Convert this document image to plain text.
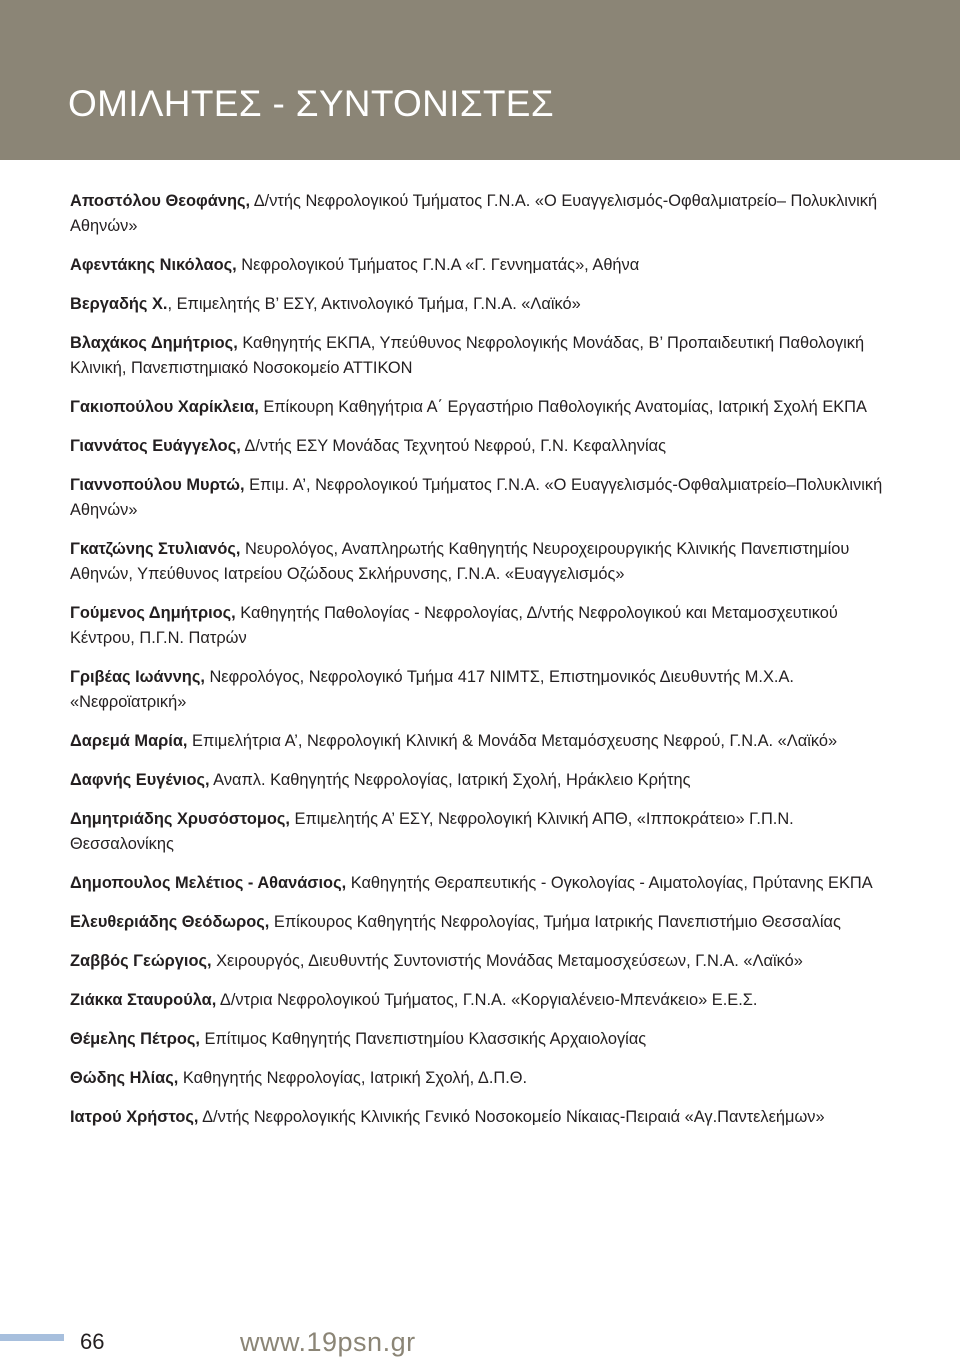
ΟΜΙΛΗΤΕΣ - ΣΥΝΤΟΝΙΣΤΕΣ

Αποστόλου Θεοφάνης, Δ/ντής Νεφρολογικού Τμήματος Γ.Ν.Α. «Ο Ευαγγελισμός-Οφθαλμιατρείο– Πολυκλινική Αθηνών»

Αφεντάκης Νικόλαος, Νεφρολογικού Τμήματος Γ.Ν.Α «Γ. Γεννηματάς», Αθήνα

Βεργαδής Χ., Επιμελητής Β’ ΕΣΥ, Ακτινολογικό Τμήμα, Γ.Ν.Α. «Λαϊκό»

Βλαχάκος Δημήτριος, Καθηγητής ΕΚΠΑ, Υπεύθυνος Νεφρολογικής Μονάδας, Β’ Προπαιδευτική Παθολογική Κλινική, Πανεπιστημιακό Νοσοκομείο ΑΤΤΙΚΟΝ

Γακιοπούλου Χαρίκλεια, Επίκουρη Καθηγήτρια Α΄ Εργαστήριο Παθολογικής Ανατομίας, Ιατρική Σχολή ΕΚΠΑ

Γιαννάτος Ευάγγελος, Δ/ντής ΕΣΥ Μονάδας Τεχνητού Νεφρού, Γ.Ν. Κεφαλληνίας

Γιαννοπούλου Μυρτώ, Επιμ. Α’, Νεφρολογικού Τμήματος Γ.Ν.Α. «Ο Ευαγγελισμός-Οφθαλμιατρείο–Πολυκλινική Αθηνών»

Γκατζώνης Στυλιανός, Νευρολόγος, Αναπληρωτής Καθηγητής Νευροχειρουργικής Κλινικής Πανεπιστημίου Αθηνών, Υπεύθυνος Ιατρείου Οζώδους Σκλήρυνσης, Γ.Ν.Α. «Ευαγγελισμός»

Γούμενος Δημήτριος, Καθηγητής Παθολογίας - Νεφρολογίας, Δ/ντής Νεφρολογικού και Μεταμοσχευτικού Κέντρου, Π.Γ.Ν. Πατρών

Γριβέας Ιωάννης, Νεφρολόγος, Νεφρολογικό Τμήμα 417 ΝΙΜΤΣ, Επιστημονικός Διευθυντής Μ.Χ.Α. «Νεφροϊατρική»

Δαρεμά Μαρία, Επιμελήτρια Α’, Νεφρολογική Κλινική & Μονάδα Μεταμόσχευσης Νεφρού, Γ.Ν.Α. «Λαϊκό»

Δαφνής Ευγένιος, Αναπλ. Καθηγητής Νεφρολογίας, Ιατρική Σχολή, Ηράκλειο Κρήτης

Δημητριάδης Χρυσόστομος, Επιμελητής Α’ ΕΣΥ, Νεφρολογική Κλινική ΑΠΘ, «Ιπποκράτειο» Γ.Π.Ν. Θεσσαλονίκης

Δημοπουλος Μελέτιος - Αθανάσιος, Καθηγητής Θεραπευτικής - Ογκολογίας - Αιματολογίας, Πρύτανης ΕΚΠΑ

Ελευθεριάδης Θεόδωρος, Επίκουρος Καθηγητής Νεφρολογίας, Τμήμα Ιατρικής Πανεπιστήμιο Θεσσαλίας

Ζαββός Γεώργιος, Χειρουργός, Διευθυντής Συντονιστής Μονάδας Μεταμοσχεύσεων, Γ.Ν.Α. «Λαϊκό»

Ζιάκκα Σταυρούλα, Δ/ντρια Νεφρολογικού Τμήματος, Γ.Ν.Α. «Κοργιαλένειο-Μπενάκειο» Ε.Ε.Σ.

Θέμελης Πέτρος, Επίτιμος Καθηγητής Πανεπιστημίου Κλασσικής Αρχαιολογίας

Θώδης Ηλίας, Καθηγητής Νεφρολογίας, Ιατρική Σχολή, Δ.Π.Θ.

Ιατρού Χρήστος, Δ/ντής Νεφρολογικής Κλινικής Γενικό Νοσοκομείο Νίκαιας-Πειραιά «Αγ.Παντελεήμων»

66	www.19psn.gr
